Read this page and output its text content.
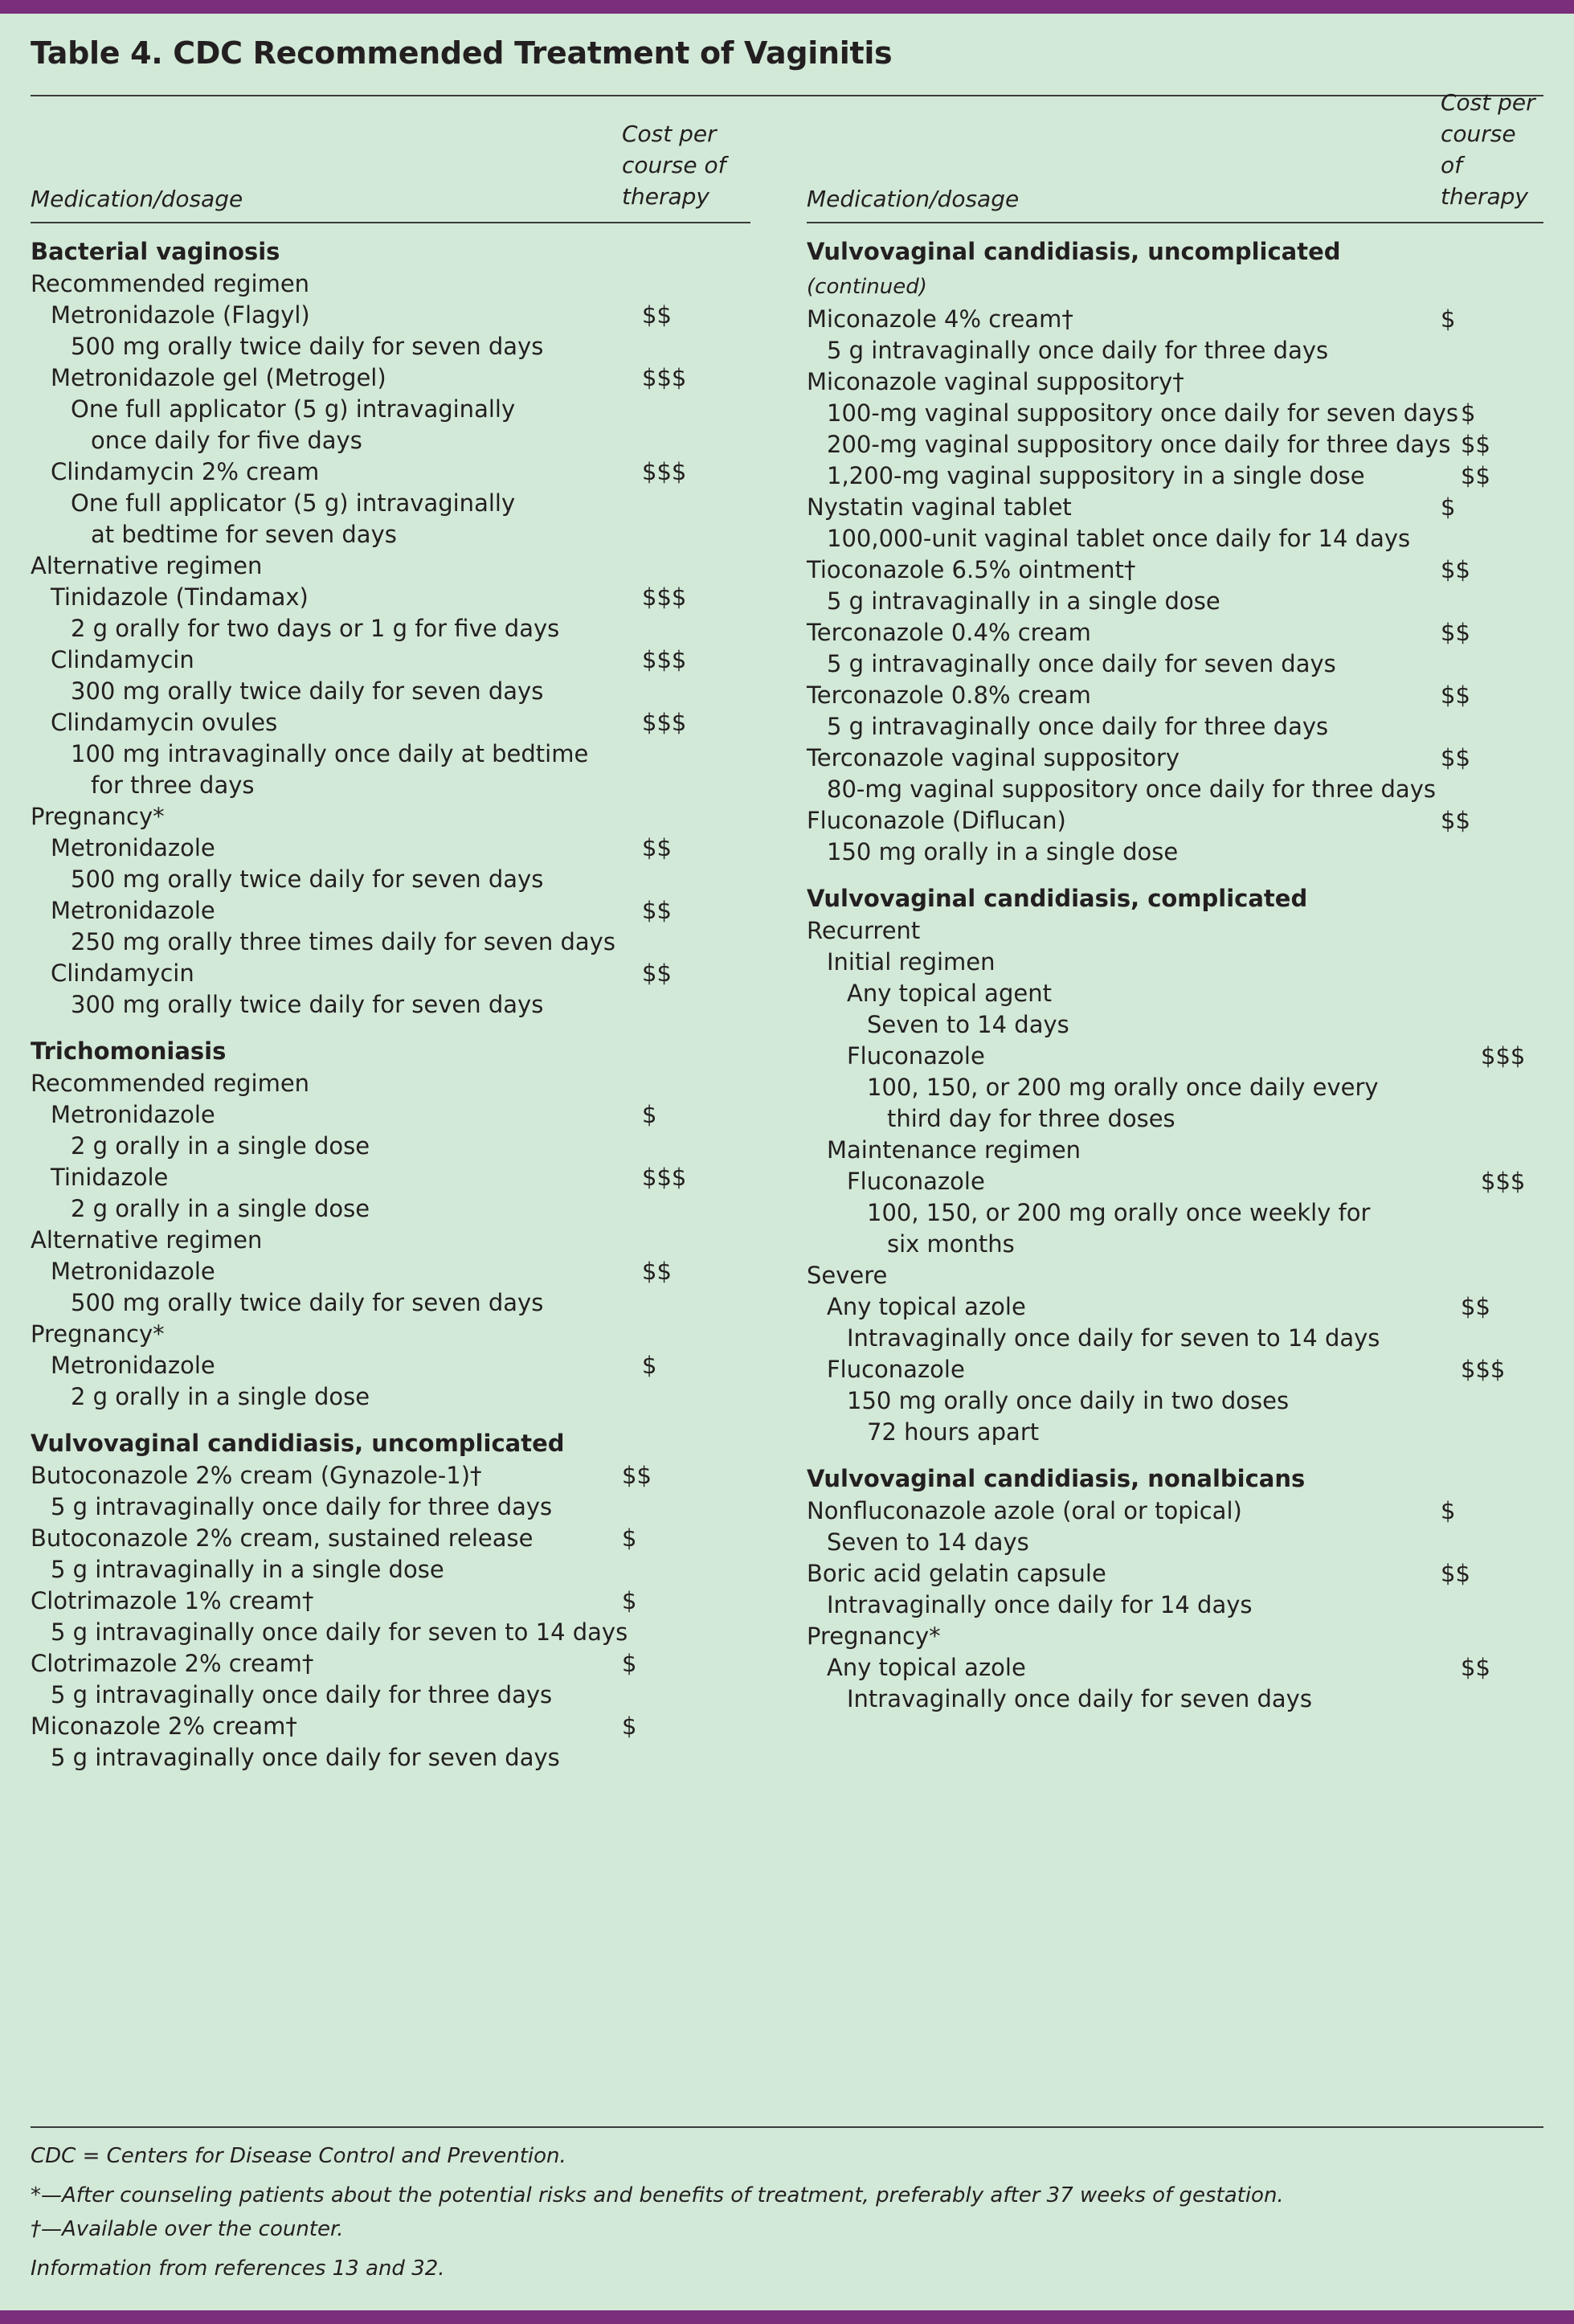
Table 4. CDC Recommended Treatment of Vaginitis
Medication/dosage
Cost per
course of
therapy
Bacterial vaginosis
Recommended regimen
Metronidazole (Flagyl)	$$
500 mg orally twice daily for seven days
Metronidazole gel (Metrogel)	$$$
One full applicator (5 g) intravaginally
once daily for five days
Clindamycin 2% cream	$$$
One full applicator (5 g) intravaginally
at bedtime for seven days
Alternative regimen
Tinidazole (Tindamax)	$$$
2 g orally for two days or 1 g for five days
Clindamycin	$$$
300 mg orally twice daily for seven days
Clindamycin ovules	$$$
100 mg intravaginally once daily at bedtime
for three days
Pregnancy*
Metronidazole	$$
500 mg orally twice daily for seven days
Metronidazole	$$
250 mg orally three times daily for seven days
Clindamycin	$$
300 mg orally twice daily for seven days
Trichomoniasis
Recommended regimen
Metronidazole	$
2 g orally in a single dose
Tinidazole	$$$
2 g orally in a single dose
Alternative regimen
Metronidazole	$$
500 mg orally twice daily for seven days
Pregnancy*
Metronidazole	$
2 g orally in a single dose
Vulvovaginal candidiasis, uncomplicated
Butoconazole 2% cream (Gynazole-1)†	$$
5 g intravaginally once daily for three days
Butoconazole 2% cream, sustained release	$
5 g intravaginally in a single dose
Clotrimazole 1% cream†	$
5 g intravaginally once daily for seven to 14 days
Clotrimazole 2% cream†	$
5 g intravaginally once daily for three days
Miconazole 2% cream†	$
5 g intravaginally once daily for seven days
Medication/dosage
Cost per
course of
therapy
Vulvovaginal candidiasis, uncomplicated (continued)
Miconazole 4% cream†	$
5 g intravaginally once daily for three days
Miconazole vaginal suppository†
100-mg vaginal suppository once daily for seven days $
200-mg vaginal suppository once daily for three days $$
1,200-mg vaginal suppository in a single dose	$$
Nystatin vaginal tablet	$
100,000-unit vaginal tablet once daily for 14 days
Tioconazole 6.5% ointment†	$$
5 g intravaginally in a single dose
Terconazole 0.4% cream	$$
5 g intravaginally once daily for seven days
Terconazole 0.8% cream	$$
5 g intravaginally once daily for three days
Terconazole vaginal suppository	$$
80-mg vaginal suppository once daily for three days
Fluconazole (Diflucan)	$$
150 mg orally in a single dose
Vulvovaginal candidiasis, complicated
Recurrent
Initial regimen
Any topical agent
Seven to 14 days
Fluconazole	$$$
100, 150, or 200 mg orally once daily every
third day for three doses
Maintenance regimen
Fluconazole	$$$
100, 150, or 200 mg orally once weekly for
six months
Severe
Any topical azole	$$
Intravaginally once daily for seven to 14 days
Fluconazole	$$$
150 mg orally once daily in two doses
72 hours apart
Vulvovaginal candidiasis, nonalbicans
Nonfluconazole azole (oral or topical)	$
Seven to 14 days
Boric acid gelatin capsule	$$
Intravaginally once daily for 14 days
Pregnancy*
Any topical azole	$$
Intravaginally once daily for seven days
CDC = Centers for Disease Control and Prevention.
*—After counseling patients about the potential risks and benefits of treatment, preferably after 37 weeks of gestation.
†—Available over the counter.
Information from references 13 and 32.
